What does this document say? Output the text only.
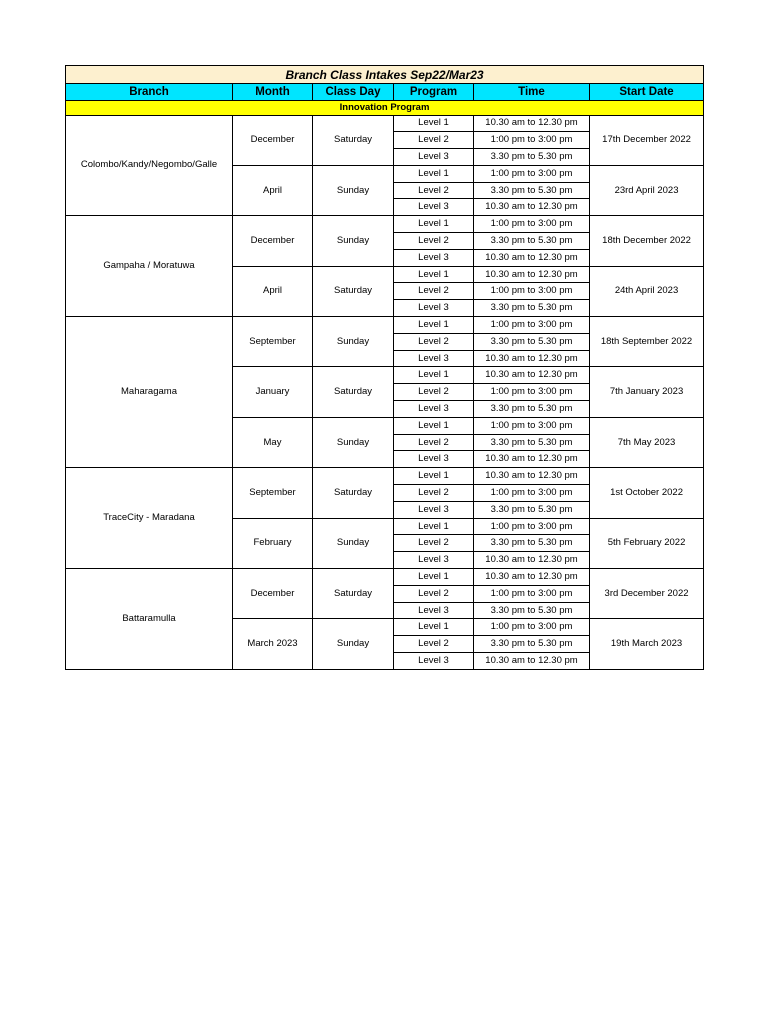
Branch Class Intakes Sep22/Mar23					
Branch	Month	Class Day	Program	Time	Start Date
Innovation Program					
Colombo/Kandy/Negombo/Galle	December	Saturday	Level 1	10.30 am to 12.30 pm	17th December 2022
			Level 2	1:00 pm to 3:00 pm	
			Level 3	3.30 pm to 5.30 pm	
	April	Sunday	Level 1	1:00 pm to 3:00 pm	23rd April 2023
			Level 2	3.30 pm to 5.30 pm	
			Level 3	10.30 am to 12.30 pm	
Gampaha / Moratuwa	December	Sunday	Level 1	1:00 pm to 3:00 pm	18th December 2022
			Level 2	3.30 pm to 5.30 pm	
			Level 3	10.30 am to 12.30 pm	
	April	Saturday	Level 1	10.30 am to 12.30 pm	24th April 2023
			Level 2	1:00 pm to 3:00 pm	
			Level 3	3.30 pm to 5.30 pm	
Maharagama	September	Sunday	Level 1	1:00 pm to 3:00 pm	18th September 2022
			Level 2	3.30 pm to 5.30 pm	
			Level 3	10.30 am to 12.30 pm	
	January	Saturday	Level 1	10.30 am to 12.30 pm	7th January 2023
			Level 2	1:00 pm to 3:00 pm	
			Level 3	3.30 pm to 5.30 pm	
	May	Sunday	Level 1	1:00 pm to 3:00 pm	7th May 2023
			Level 2	3.30 pm to 5.30 pm	
			Level 3	10.30 am to 12.30 pm	
TraceCity - Maradana	September	Saturday	Level 1	10.30 am to 12.30 pm	1st October 2022
			Level 2	1:00 pm to 3:00 pm	
			Level 3	3.30 pm to 5.30 pm	
	February	Sunday	Level 1	1:00 pm to 3:00 pm	5th February 2022
			Level 2	3.30 pm to 5.30 pm	
			Level 3	10.30 am to 12.30 pm	
Battaramulla	December	Saturday	Level 1	10.30 am to 12.30 pm	3rd December 2022
			Level 2	1:00 pm to 3:00 pm	
			Level 3	3.30 pm to 5.30 pm	
	March 2023	Sunday	Level 1	1:00 pm to 3:00 pm	19th March 2023
			Level 2	3.30 pm to 5.30 pm	
			Level 3	10.30 am to 12.30 pm	
